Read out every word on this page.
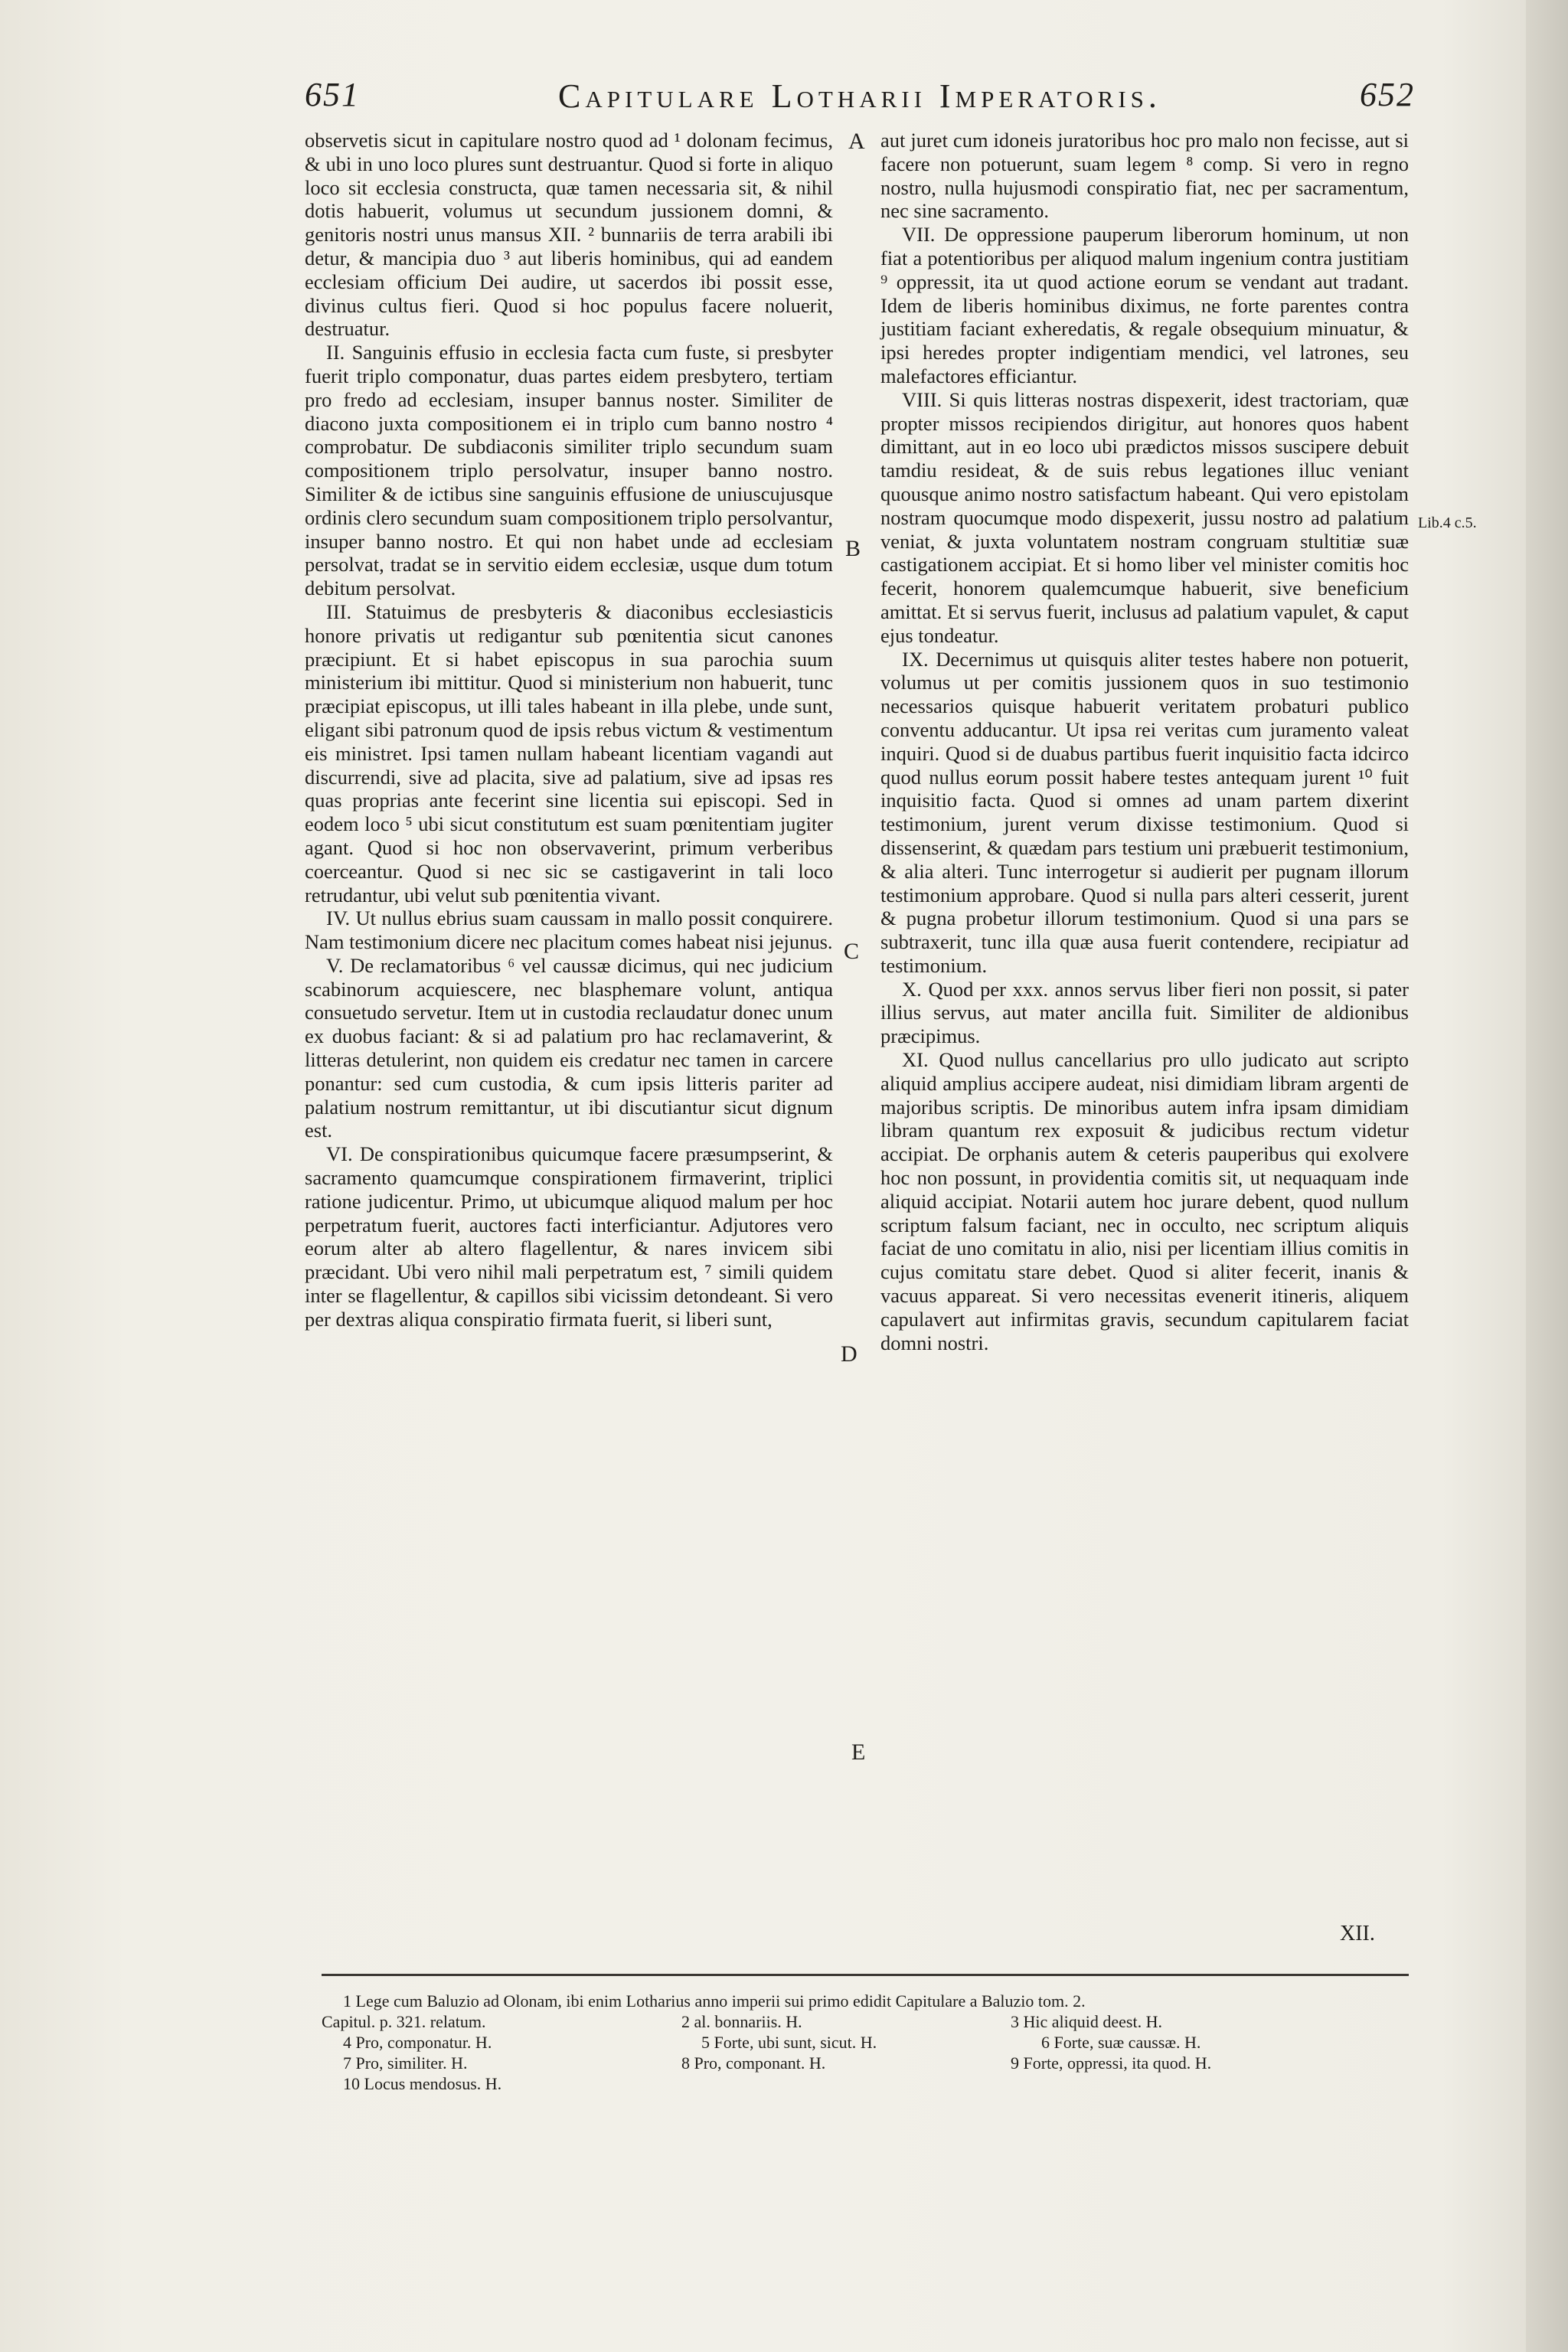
651	Capitulare Lotharii Imperatoris.	652

observetis sicut in capitulare nostro quod ad ¹ dolonam fecimus, & ubi in uno loco plures sunt destruantur. Quod si forte in aliquo loco sit ecclesia constructa, quæ tamen necessaria sit, & nihil dotis habuerit, volumus ut secundum jussionem domni, & genitoris nostri unus mansus XII. ² bunnariis de terra arabili ibi detur, & mancipia duo ³ aut liberis hominibus, qui ad eandem ecclesiam officium Dei audire, ut sacerdos ibi possit esse, divinus cultus fieri. Quod si hoc populus facere noluerit, destruatur.

II. Sanguinis effusio in ecclesia facta cum fuste, si presbyter fuerit triplo componatur, duas partes eidem presbytero, tertiam pro fredo ad ecclesiam, insuper bannus noster. Similiter de diacono juxta compositionem ei in triplo cum banno nostro ⁴ comprobatur. De subdiaconis similiter triplo secundum suam compositionem triplo persolvatur, insuper banno nostro. Similiter & de ictibus sine sanguinis effusione de uniuscujusque ordinis clero secundum suam compositionem triplo persolvantur, insuper banno nostro. Et qui non habet unde ad ecclesiam persolvat, tradat se in servitio eidem ecclesiæ, usque dum totum debitum persolvat.

III. Statuimus de presbyteris & diaconibus ecclesiasticis honore privatis ut redigantur sub pœnitentia sicut canones præcipiunt. Et si habet episcopus in sua parochia suum ministerium ibi mittitur. Quod si ministerium non habuerit, tunc præcipiat episcopus, ut illi tales habeant in illa plebe, unde sunt, eligant sibi patronum quod de ipsis rebus victum & vestimentum eis ministret. Ipsi tamen nullam habeant licentiam vagandi aut discurrendi, sive ad placita, sive ad palatium, sive ad ipsas res quas proprias ante fecerint sine licentia sui episcopi. Sed in eodem loco ⁵ ubi sicut constitutum est suam pœnitentiam jugiter agant. Quod si hoc non observaverint, primum verberibus coerceantur. Quod si nec sic se castigaverint in tali loco retrudantur, ubi velut sub pœnitentia vivant.

IV. Ut nullus ebrius suam caussam in mallo possit conquirere. Nam testimonium dicere nec placitum comes habeat nisi jejunus.

V. De reclamatoribus ⁶ vel caussæ dicimus, qui nec judicium scabinorum acquiescere, nec blasphemare volunt, antiqua consuetudo servetur. Item ut in custodia reclaudatur donec unum ex duobus faciant: & si ad palatium pro hac reclamaverint, & litteras detulerint, non quidem eis credatur nec tamen in carcere ponantur: sed cum custodia, & cum ipsis litteris pariter ad palatium nostrum remittantur, ut ibi discutiantur sicut dignum est.

VI. De conspirationibus quicumque facere præsumpserint, & sacramento quamcumque conspirationem firmaverint, triplici ratione judicentur. Primo, ut ubicumque aliquod malum per hoc perpetratum fuerit, auctores facti interficiantur. Adjutores vero eorum alter ab altero flagellentur, & nares invicem sibi præcidant. Ubi vero nihil mali perpetratum est, ⁷ simili quidem inter se flagellentur, & capillos sibi vicissim detondeant. Si vero per dextras aliqua conspiratio firmata fuerit, si liberi sunt,

A
B
C
D
E

aut juret cum idoneis juratoribus hoc pro malo non fecisse, aut si facere non potuerunt, suam legem ⁸ comp. Si vero in regno nostro, nulla hujusmodi conspiratio fiat, nec per sacramentum, nec sine sacramento.

VII. De oppressione pauperum liberorum hominum, ut non fiat a potentioribus per aliquod malum ingenium contra justitiam ⁹ oppressit, ita ut quod actione eorum se vendant aut tradant. Idem de liberis hominibus diximus, ne forte parentes contra justitiam faciant exheredatis, & regale obsequium minuatur, & ipsi heredes propter indigentiam mendici, vel latrones, seu malefactores efficiantur.

VIII. Si quis litteras nostras dispexerit, idest tractoriam, quæ propter missos recipiendos dirigitur, aut honores quos habent dimittant, aut in eo loco ubi prædictos missos suscipere debuit tamdiu resideat, & de suis rebus legationes illuc veniant quousque animo nostro satisfactum habeant. Qui vero epistolam nostram quocumque modo dispexerit, jussu nostro ad palatium veniat, & juxta voluntatem nostram congruam stultitiæ suæ castigationem accipiat. Et si homo liber vel minister comitis hoc fecerit, honorem qualemcumque habuerit, sive beneficium amittat. Et si servus fuerit, inclusus ad palatium vapulet, & caput ejus tondeatur.

IX. Decernimus ut quisquis aliter testes habere non potuerit, volumus ut per comitis jussionem quos in suo testimonio necessarios quisque habuerit veritatem probaturi publico conventu adducantur. Ut ipsa rei veritas cum juramento valeat inquiri. Quod si de duabus partibus fuerit inquisitio facta idcirco quod nullus eorum possit habere testes antequam jurent ¹⁰ fuit inquisitio facta. Quod si omnes ad unam partem dixerint testimonium, jurent verum dixisse testimonium. Quod si dissenserint, & quædam pars testium uni præbuerit testimonium, & alia alteri. Tunc interrogetur si audierit per pugnam illorum testimonium approbare. Quod si nulla pars alteri cesserit, jurent & pugna probetur illorum testimonium. Quod si una pars se subtraxerit, tunc illa quæ ausa fuerit contendere, recipiatur ad testimonium.

X. Quod per xxx. annos servus liber fieri non possit, si pater illius servus, aut mater ancilla fuit. Similiter de aldionibus præcipimus.

XI. Quod nullus cancellarius pro ullo judicato aut scripto aliquid amplius accipere audeat, nisi dimidiam libram argenti de majoribus scriptis. De minoribus autem infra ipsam dimidiam libram quantum rex exposuit & judicibus rectum videtur accipiat. De orphanis autem & ceteris pauperibus qui exolvere hoc non possunt, in providentia comitis sit, ut nequaquam inde aliquid accipiat. Notarii autem hoc jurare debent, quod nullum scriptum falsum faciant, nec in occulto, nec scriptum aliquis faciat de uno comitatu in alio, nisi per licentiam illius comitis in cujus comitatu stare debet. Quod si aliter fecerit, inanis & vacuus appareat. Si vero necessitas evenerit itineris, aliquem capulavert aut infirmitas gravis, secundum capitularem faciat domni nostri.

Lib.4 c.5.
XII.
1 Lege cum Baluzio ad Olonam, ibi enim Lotharius anno imperii sui primo edidit Capitulare a Baluzio tom. 2.
Capitul. p. 321. relatum.	2 al. bonnariis. H.	3 Hic aliquid deest. H.
4 Pro, componatur. H.	5 Forte, ubi sunt, sicut. H.	6 Forte, suæ caussæ. H.
7 Pro, similiter. H.	8 Pro, componant. H.	9 Forte, oppressi, ita quod. H.
10 Locus mendosus. H.
